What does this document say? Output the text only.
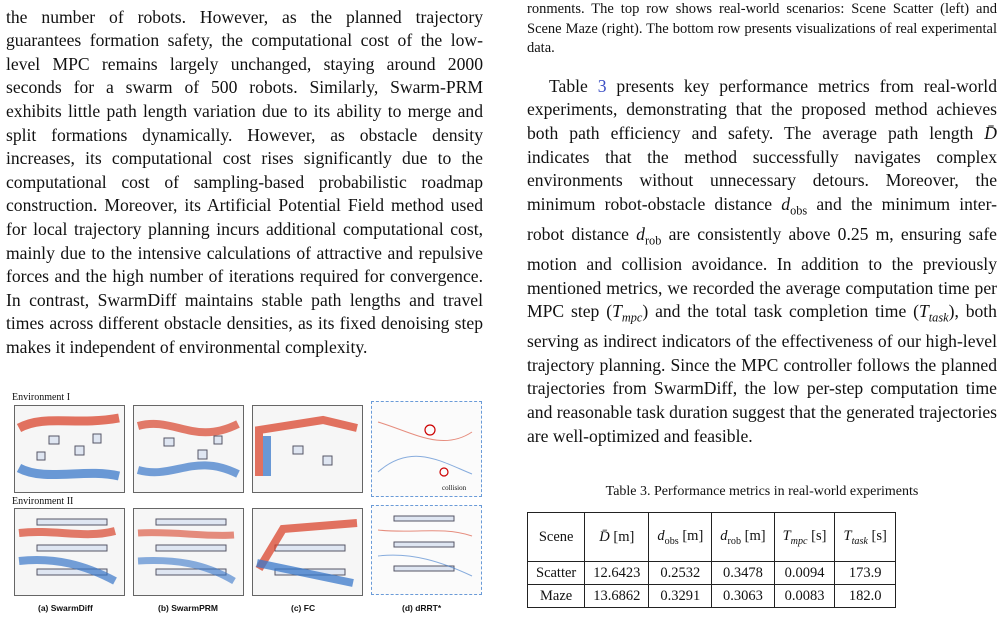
the number of robots. However, as the planned trajectory guarantees formation safety, the computational cost of the low-level MPC remains largely unchanged, staying around 2000 seconds for a swarm of 500 robots. Similarly, Swarm-PRM exhibits little path length variation due to its ability to merge and split formations dynamically. However, as obstacle density increases, its computational cost rises significantly due to the computational cost of sampling-based probabilistic roadmap construction. Moreover, its Artificial Potential Field method used for local trajectory planning incurs additional computational cost, mainly due to the intensive calculations of attractive and repulsive forces and the high number of iterations required for convergence. In contrast, SwarmDiff maintains stable path lengths and travel times across different obstacle densities, as its fixed denoising step makes it independent of environmental complexity.

ronments. The top row shows real-world scenarios: Scene Scatter (left) and Scene Maze (right). The bottom row presents visualizations of real experimental data.

Table 3 presents key performance metrics from real-world experiments, demonstrating that the proposed method achieves both path efficiency and safety. The average path length D̄ indicates that the method successfully navigates complex environments without unnecessary detours. Moreover, the minimum robot-obstacle distance $d_{obs}$ and the minimum inter-robot distance $d_{rob}$ are consistently above 0.25 m, ensuring safe motion and collision avoidance. In addition to the previously mentioned metrics, we recorded the average computation time per MPC step $(T_{mpc})$ and the total task completion time $(T_{task})$, both serving as indirect indicators of the effectiveness of our high-level trajectory planning. Since the MPC controller follows the planned trajectories from SwarmDiff, the low per-step computation time and reasonable task duration suggest that the generated trajectories are well-optimized and feasible.

Table 3. Performance metrics in real-world experiments
Scene	D̄ [m]	$d_{obs}$ [m]	$d_{rob}$ [m]	$T_{mpc}$ [s]	$T_{task}$ [s]
Scatter	12.6423	0.2532	0.3478	0.0094	173.9
Maze	13.6862	0.3291	0.3063	0.0083	182.0
Environment I
Environment II
collision
(a) SwarmDiff	(b) SwarmPRM	(c) FC	(d) dRRT*
